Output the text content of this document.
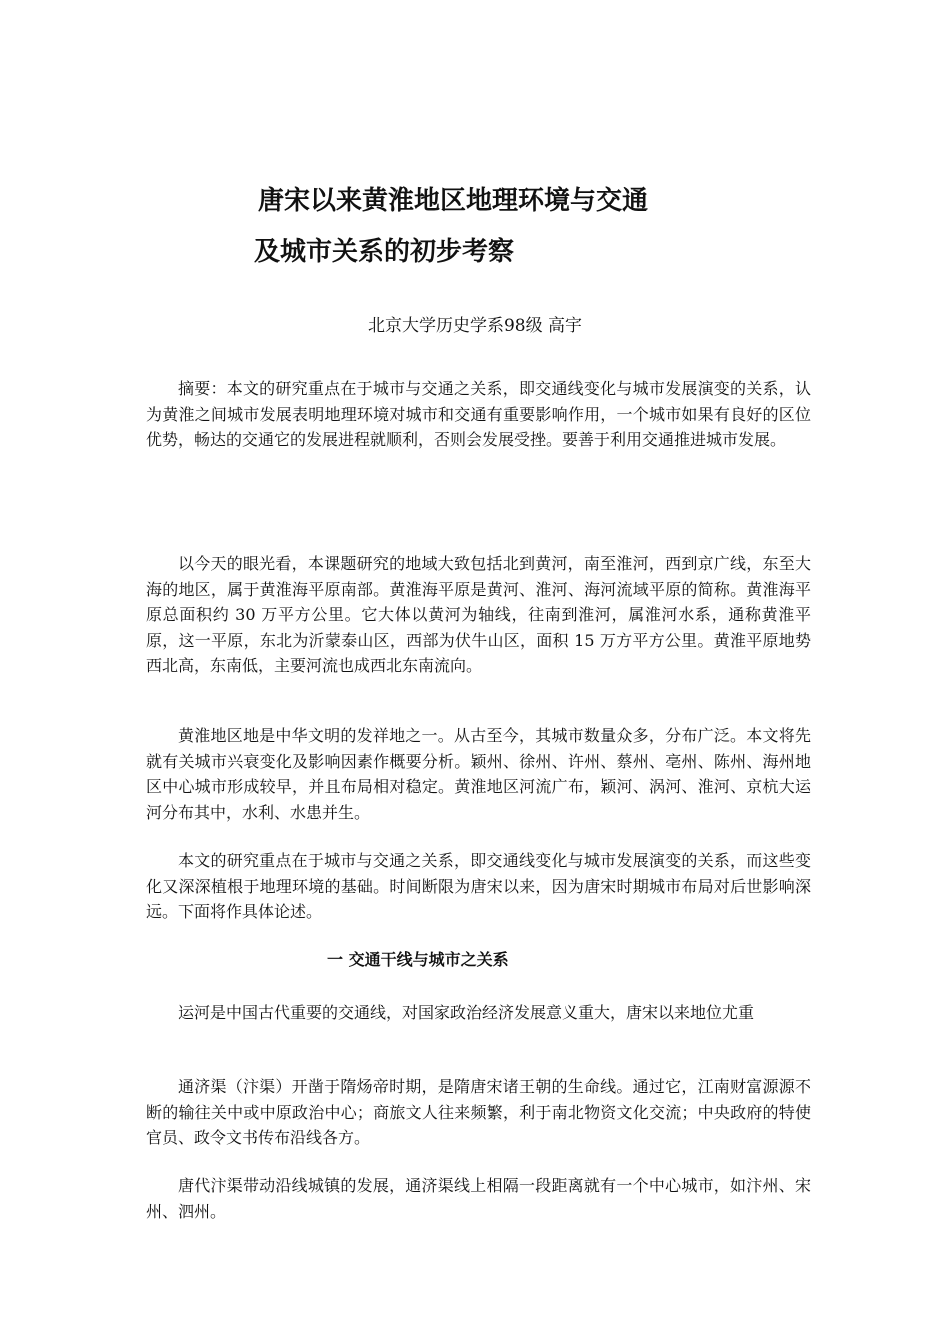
唐宋以来黄淮地区地理环境与交通
及城市关系的初步考察

北京大学历史学系98级 高宇

摘要：本文的研究重点在于城市与交通之关系，即交通线变化与城市发展演变的关系，认为黄淮之间城市发展表明地理环境对城市和交通有重要影响作用，一个城市如果有良好的区位优势，畅达的交通它的发展进程就顺利，否则会发展受挫。要善于利用交通推进城市发展。

以今天的眼光看，本课题研究的地域大致包括北到黄河，南至淮河，西到京广线，东至大海的地区，属于黄淮海平原南部。黄淮海平原是黄河、淮河、海河流域平原的简称。黄淮海平原总面积约 30 万平方公里。它大体以黄河为轴线，往南到淮河，属淮河水系，通称黄淮平原，这一平原，东北为沂蒙泰山区，西部为伏牛山区，面积 15 万方平方公里。黄淮平原地势西北高，东南低，主要河流也成西北东南流向。

黄淮地区地是中华文明的发祥地之一。从古至今，其城市数量众多，分布广泛。本文将先就有关城市兴衰变化及影响因素作概要分析。颖州、徐州、许州、蔡州、亳州、陈州、海州地区中心城市形成较早，并且布局相对稳定。黄淮地区河流广布，颖河、涡河、淮河、京杭大运河分布其中，水利、水患并生。

本文的研究重点在于城市与交通之关系，即交通线变化与城市发展演变的关系，而这些变化又深深植根于地理环境的基础。时间断限为唐宋以来，因为唐宋时期城市布局对后世影响深远。下面将作具体论述。

一 交通干线与城市之关系

运河是中国古代重要的交通线，对国家政治经济发展意义重大，唐宋以来地位尤重

通济渠（汴渠）开凿于隋炀帝时期，是隋唐宋诸王朝的生命线。通过它，江南财富源源不断的输往关中或中原政治中心；商旅文人往来频繁，利于南北物资文化交流；中央政府的特使官员、政令文书传布沿线各方。

唐代汴渠带动沿线城镇的发展，通济渠线上相隔一段距离就有一个中心城市，如汴州、宋州、泗州。
